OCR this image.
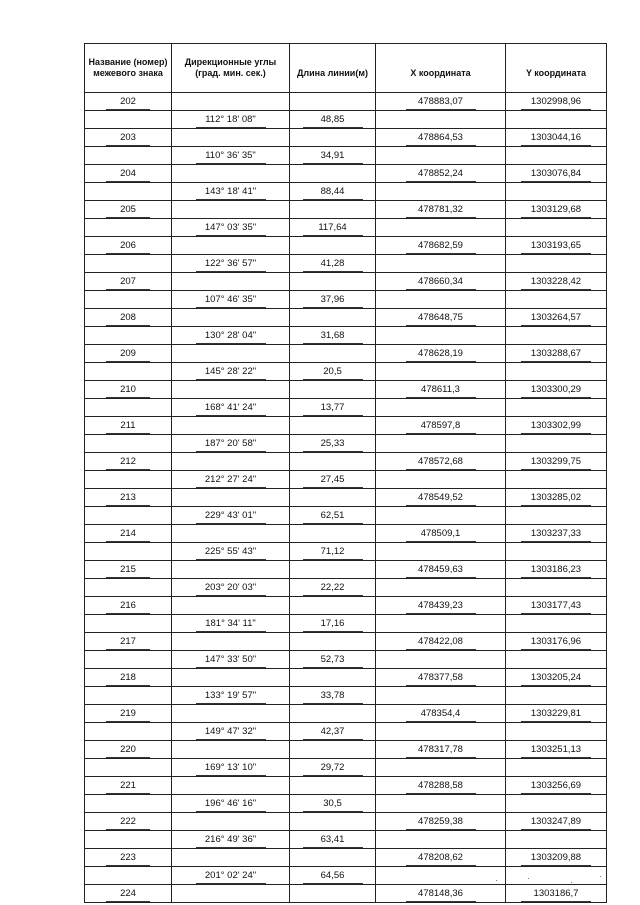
Название (номер) межевого знака	Дирекционные углы (град. мин. сек.)	Длина линии(м)	X координата	Y координата
202			478883,07	1302998,96
	112° 18' 08"	48,85		
203			478864,53	1303044,16
	110° 36' 35"	34,91		
204			478852,24	1303076,84
	143° 18' 41"	88,44		
205			478781,32	1303129,68
	147° 03' 35"	117,64		
206			478682,59	1303193,65
	122° 36' 57"	41,28		
207			478660,34	1303228,42
	107° 46' 35"	37,96		
208			478648,75	1303264,57
	130° 28' 04"	31,68		
209			478628,19	1303288,67
	145° 28' 22"	20,5		
210			478611,3	1303300,29
	168° 41' 24"	13,77		
211			478597,8	1303302,99
	187° 20' 58"	25,33		
212			478572,68	1303299,75
	212° 27' 24"	27,45		
213			478549,52	1303285,02
	229° 43' 01"	62,51		
214			478509,1	1303237,33
	225° 55' 43"	71,12		
215			478459,63	1303186,23
	203° 20' 03"	22,22		
216			478439,23	1303177,43
	181° 34' 11"	17,16		
217			478422,08	1303176,96
	147° 33' 50"	52,73		
218			478377,58	1303205,24
	133° 19' 57"	33,78		
219			478354,4	1303229,81
	149° 47' 32"	42,37		
220			478317,78	1303251,13
	169° 13' 10"	29,72		
221			478288,58	1303256,69
	196° 46' 16"	30,5		
222			478259,38	1303247,89
	216° 49' 36"	63,41		
223			478208,62	1303209,88
	201° 02' 24"	64,56		
224			478148,36	1303186,7
